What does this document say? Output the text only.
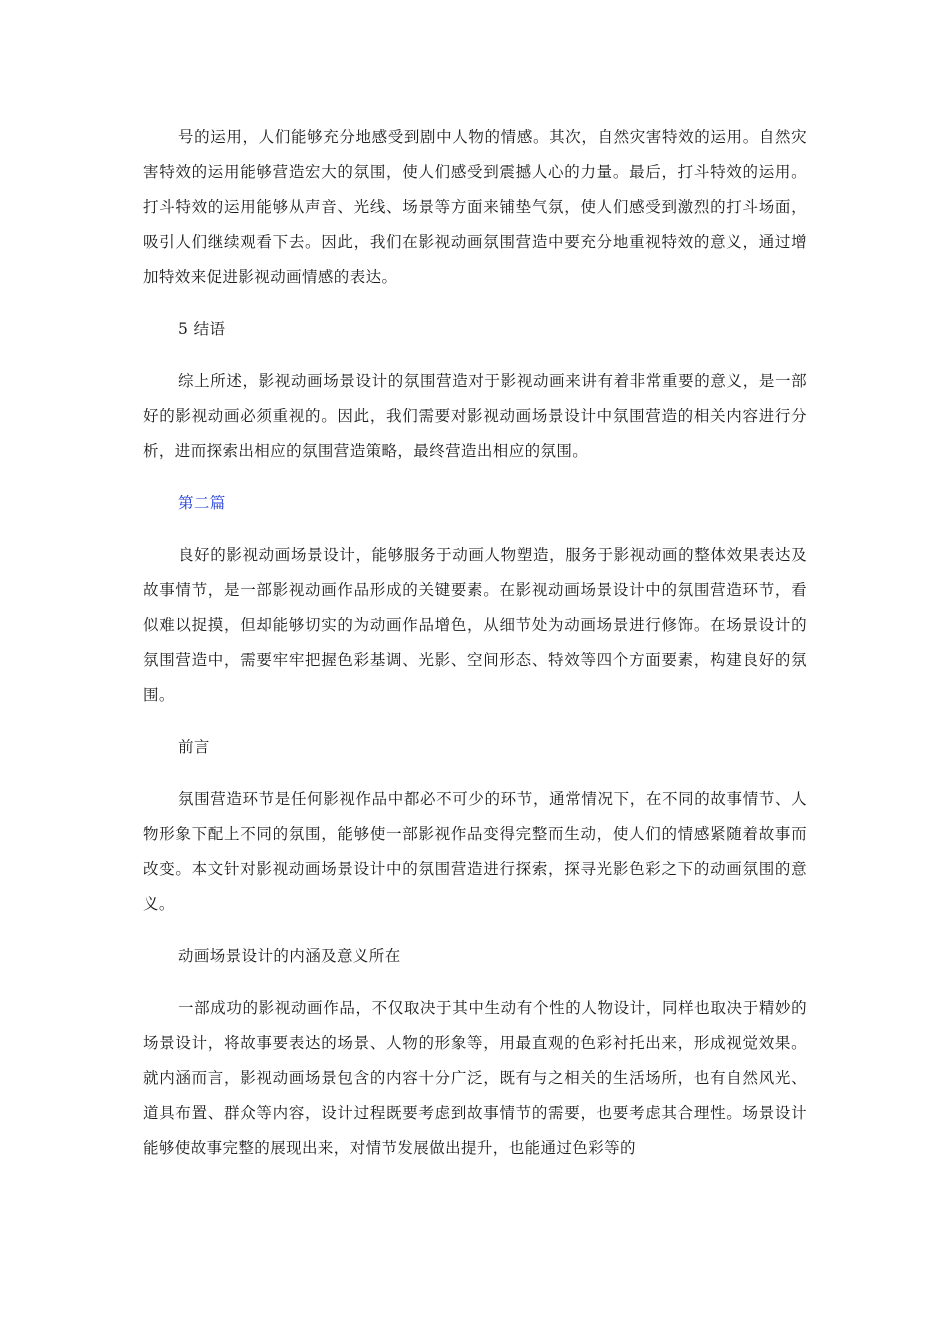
号的运用，人们能够充分地感受到剧中人物的情感。其次，自然灾害特效的运用。自然灾害特效的运用能够营造宏大的氛围，使人们感受到震撼人心的力量。最后，打斗特效的运用。打斗特效的运用能够从声音、光线、场景等方面来铺垫气氛，使人们感受到激烈的打斗场面，吸引人们继续观看下去。因此，我们在影视动画氛围营造中要充分地重视特效的意义，通过增加特效来促进影视动画情感的表达。

5 结语

综上所述，影视动画场景设计的氛围营造对于影视动画来讲有着非常重要的意义，是一部好的影视动画必须重视的。因此，我们需要对影视动画场景设计中氛围营造的相关内容进行分析，进而探索出相应的氛围营造策略，最终营造出相应的氛围。

第二篇

良好的影视动画场景设计，能够服务于动画人物塑造，服务于影视动画的整体效果表达及故事情节，是一部影视动画作品形成的关键要素。在影视动画场景设计中的氛围营造环节，看似难以捉摸，但却能够切实的为动画作品增色，从细节处为动画场景进行修饰。在场景设计的氛围营造中，需要牢牢把握色彩基调、光影、空间形态、特效等四个方面要素，构建良好的氛围。

前言

氛围营造环节是任何影视作品中都必不可少的环节，通常情况下，在不同的故事情节、人物形象下配上不同的氛围，能够使一部影视作品变得完整而生动，使人们的情感紧随着故事而改变。本文针对影视动画场景设计中的氛围营造进行探索，探寻光影色彩之下的动画氛围的意义。

动画场景设计的内涵及意义所在

一部成功的影视动画作品，不仅取决于其中生动有个性的人物设计，同样也取决于精妙的场景设计，将故事要表达的场景、人物的形象等，用最直观的色彩衬托出来，形成视觉效果。就内涵而言，影视动画场景包含的内容十分广泛，既有与之相关的生活场所，也有自然风光、道具布置、群众等内容，设计过程既要考虑到故事情节的需要，也要考虑其合理性。场景设计能够使故事完整的展现出来，对情节发展做出提升，也能通过色彩等的
